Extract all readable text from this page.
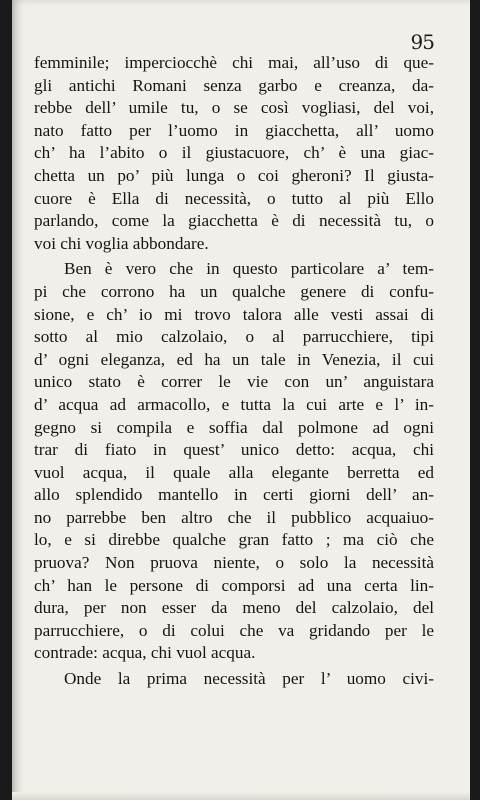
95
femminile; imperciocchè chi mai, all’uso di que-
gli antichi Romani senza garbo e creanza, da-
rebbe dell’ umile tu, o se così vogliasi, del voi,
nato fatto per l’uomo in giacchetta, all’ uomo
ch’ ha l’abito o il giustacuore, ch’ è una giac-
chetta un po’ più lunga o coi gheroni? Il giusta-
cuore è Ella di necessità, o tutto al più Ello
parlando, come la giacchetta è di necessità tu, o
voi chi voglia abbondare.
Ben è vero che in questo particolare a’ tem-
pi che corrono ha un qualche genere di confu-
sione, e ch’ io mi trovo talora alle vesti assai di
sotto al mio calzolaio, o al parrucchiere, tipi
d’ ogni eleganza, ed ha un tale in Venezia, il cui
unico stato è correr le vie con un’ anguistara
d’ acqua ad armacollo, e tutta la cui arte e l’ in-
gegno si compila e soffia dal polmone ad ogni
trar di fiato in quest’ unico detto: acqua, chi
vuol acqua, il quale alla elegante berretta ed
allo splendido mantello in certi giorni dell’ an-
no parrebbe ben altro che il pubblico acquaiuo-
lo, e si direbbe qualche gran fatto ; ma ciò che
pruova? Non pruova niente, o solo la necessità
ch’ han le persone di comporsi ad una certa lin-
dura, per non esser da meno del calzolaio, del
parrucchiere, o di colui che va gridando per le
contrade: acqua, chi vuol acqua.
Onde la prima necessità per l’ uomo civi-
